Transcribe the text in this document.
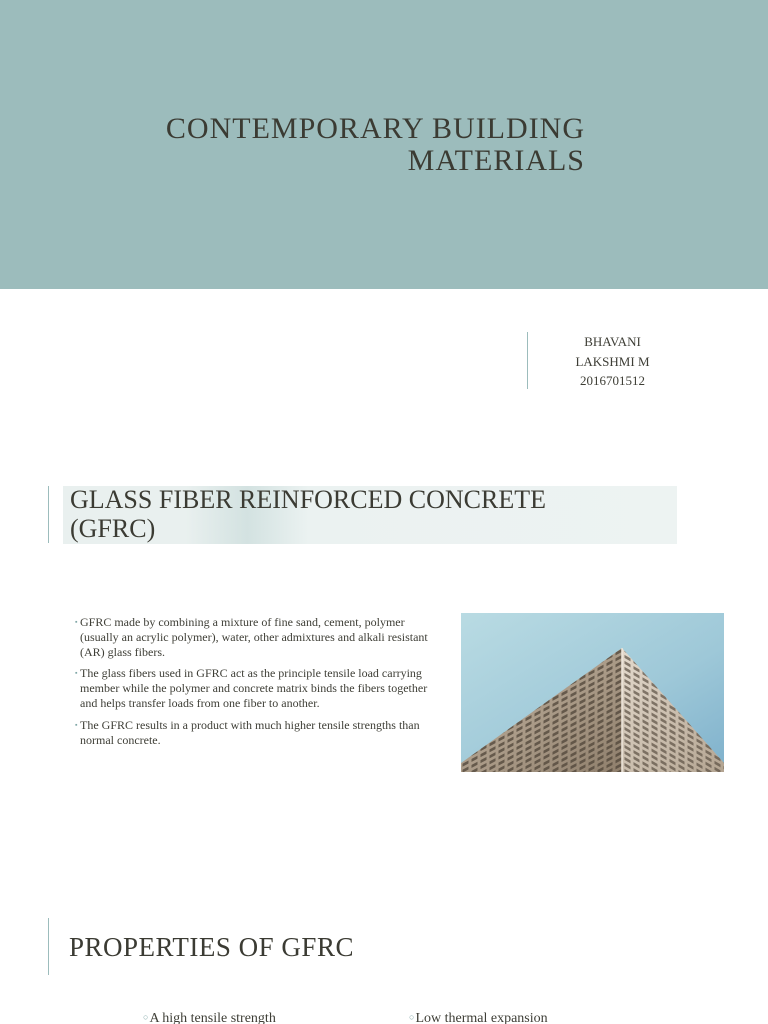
CONTEMPORARY BUILDING
MATERIALS
BHAVANI
LAKSHMI M
2016701512
GLASS FIBER REINFORCED CONCRETE
(GFRC)
▪ GFRC made by combining a mixture of fine sand, cement, polymer (usually an acrylic polymer), water, other admixtures and alkali resistant (AR) glass fibers.
▪ The glass fibers used in GFRC act as the principle tensile load carrying member while the polymer and concrete matrix binds the fibers together and helps transfer loads from one fiber to another.
▪ The GFRC results in a product with much higher tensile strengths than normal concrete.
PROPERTIES OF GFRC
○A high tensile strength	○Low thermal expansion
